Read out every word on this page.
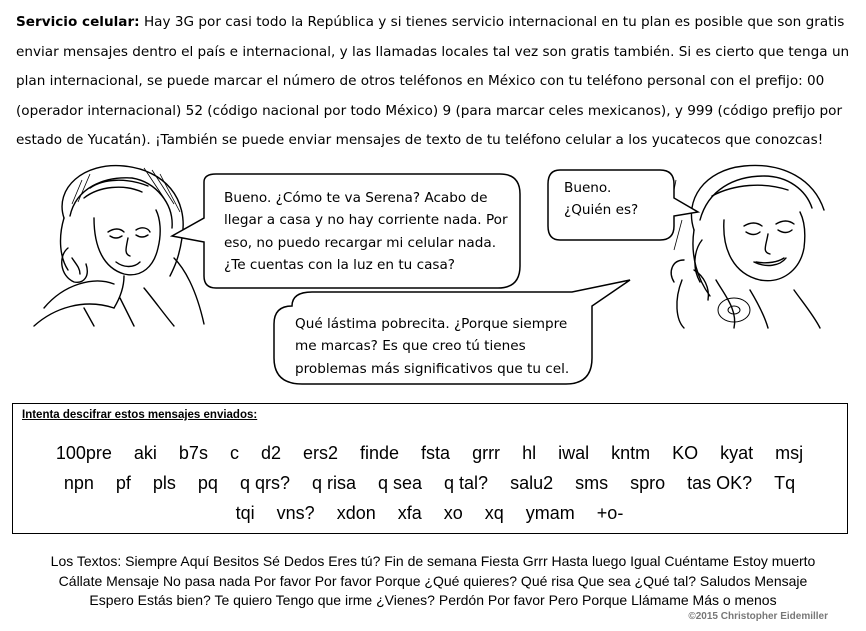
Servicio celular: Hay 3G por casi todo la República y si tienes servicio internacional en tu plan es posible que son gratis enviar mensajes dentro el país e internacional, y las llamadas locales tal vez son gratis también. Si es cierto que tenga un plan internacional, se puede marcar el número de otros teléfonos en México con tu teléfono personal con el prefijo: 00 (operador internacional) 52 (código nacional por todo México) 9 (para marcar celes mexicanos), y 999 (código prefijo por estado de Yucatán). ¡También se puede enviar mensajes de texto de tu teléfono celular a los yucatecos que conozcas!
Bueno. ¿Cómo te va Serena? Acabo de
llegar a casa y no hay corriente nada. Por
eso, no puedo recargar mi celular nada.
¿Te cuentas con la luz en tu casa?
Bueno.
¿Quién es?
Qué lástima pobrecita. ¿Porque siempre
me marcas? Es que creo tú tienes
problemas más significativos que tu cel.
Intenta descifrar estos mensajes enviados:
100pre aki b7s c d2 ers2 finde fsta grrr hl iwal kntm KO kyat msj
npn pf pls pq q qrs? q risa q sea q tal? salu2 sms spro tas OK? Tq
tqi vns? xdon xfa xo xq ymam +o-
Los Textos: Siempre Aquí Besitos Sé Dedos Eres tú? Fin de semana Fiesta Grrr Hasta luego Igual Cuéntame Estoy muerto
Cállate Mensaje No pasa nada Por favor Por favor Porque ¿Qué quieres? Qué risa Que sea ¿Qué tal? Saludos Mensaje
Espero Estás bien? Te quiero Tengo que irme ¿Vienes? Perdón Por favor Pero Porque Llámame Más o menos
©2015 Christopher Eidemiller
